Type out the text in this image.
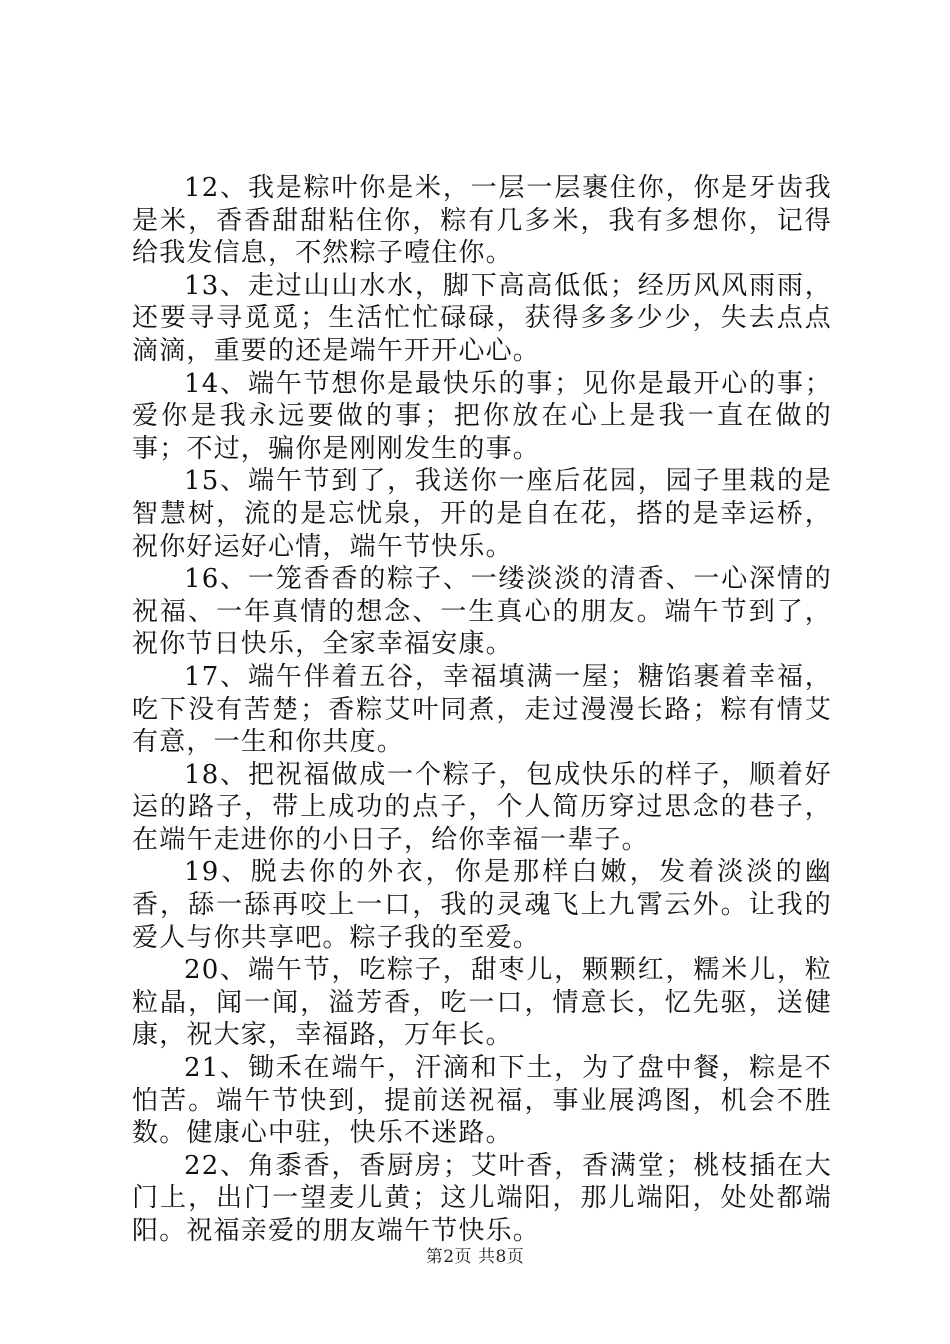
12、我是粽叶你是米，一层一层裹住你，你是牙齿我是米，香香甜甜粘住你，粽有几多米，我有多想你，记得给我发信息，不然粽子噎住你。

13、走过山山水水，脚下高高低低；经历风风雨雨，还要寻寻觅觅；生活忙忙碌碌，获得多多少少，失去点点滴滴，重要的还是端午开开心心。

14、端午节想你是最快乐的事；见你是最开心的事；爱你是我永远要做的事；把你放在心上是我一直在做的事；不过，骗你是刚刚发生的事。

15、端午节到了，我送你一座后花园，园子里栽的是智慧树，流的是忘忧泉，开的是自在花，搭的是幸运桥，祝你好运好心情，端午节快乐。

16、一笼香香的粽子、一缕淡淡的清香、一心深情的祝福、一年真情的想念、一生真心的朋友。端午节到了，祝你节日快乐，全家幸福安康。

17、端午伴着五谷，幸福填满一屋；糖馅裹着幸福，吃下没有苦楚；香粽艾叶同煮，走过漫漫长路；粽有情艾有意，一生和你共度。

18、把祝福做成一个粽子，包成快乐的样子，顺着好运的路子，带上成功的点子，个人简历穿过思念的巷子，在端午走进你的小日子，给你幸福一辈子。

19、脱去你的外衣，你是那样白嫩，发着淡淡的幽香，舔一舔再咬上一口，我的灵魂飞上九霄云外。让我的爱人与你共享吧。粽子我的至爱。

20、端午节，吃粽子，甜枣儿，颗颗红，糯米儿，粒粒晶，闻一闻，溢芳香，吃一口，情意长，忆先驱，送健康，祝大家，幸福路，万年长。

21、锄禾在端午，汗滴和下土，为了盘中餐，粽是不怕苦。端午节快到，提前送祝福，事业展鸿图，机会不胜数。健康心中驻，快乐不迷路。

22、角黍香，香厨房；艾叶香，香满堂；桃枝插在大门上，出门一望麦儿黄；这儿端阳，那儿端阳，处处都端阳。祝福亲爱的朋友端午节快乐。

第2页 共8页
